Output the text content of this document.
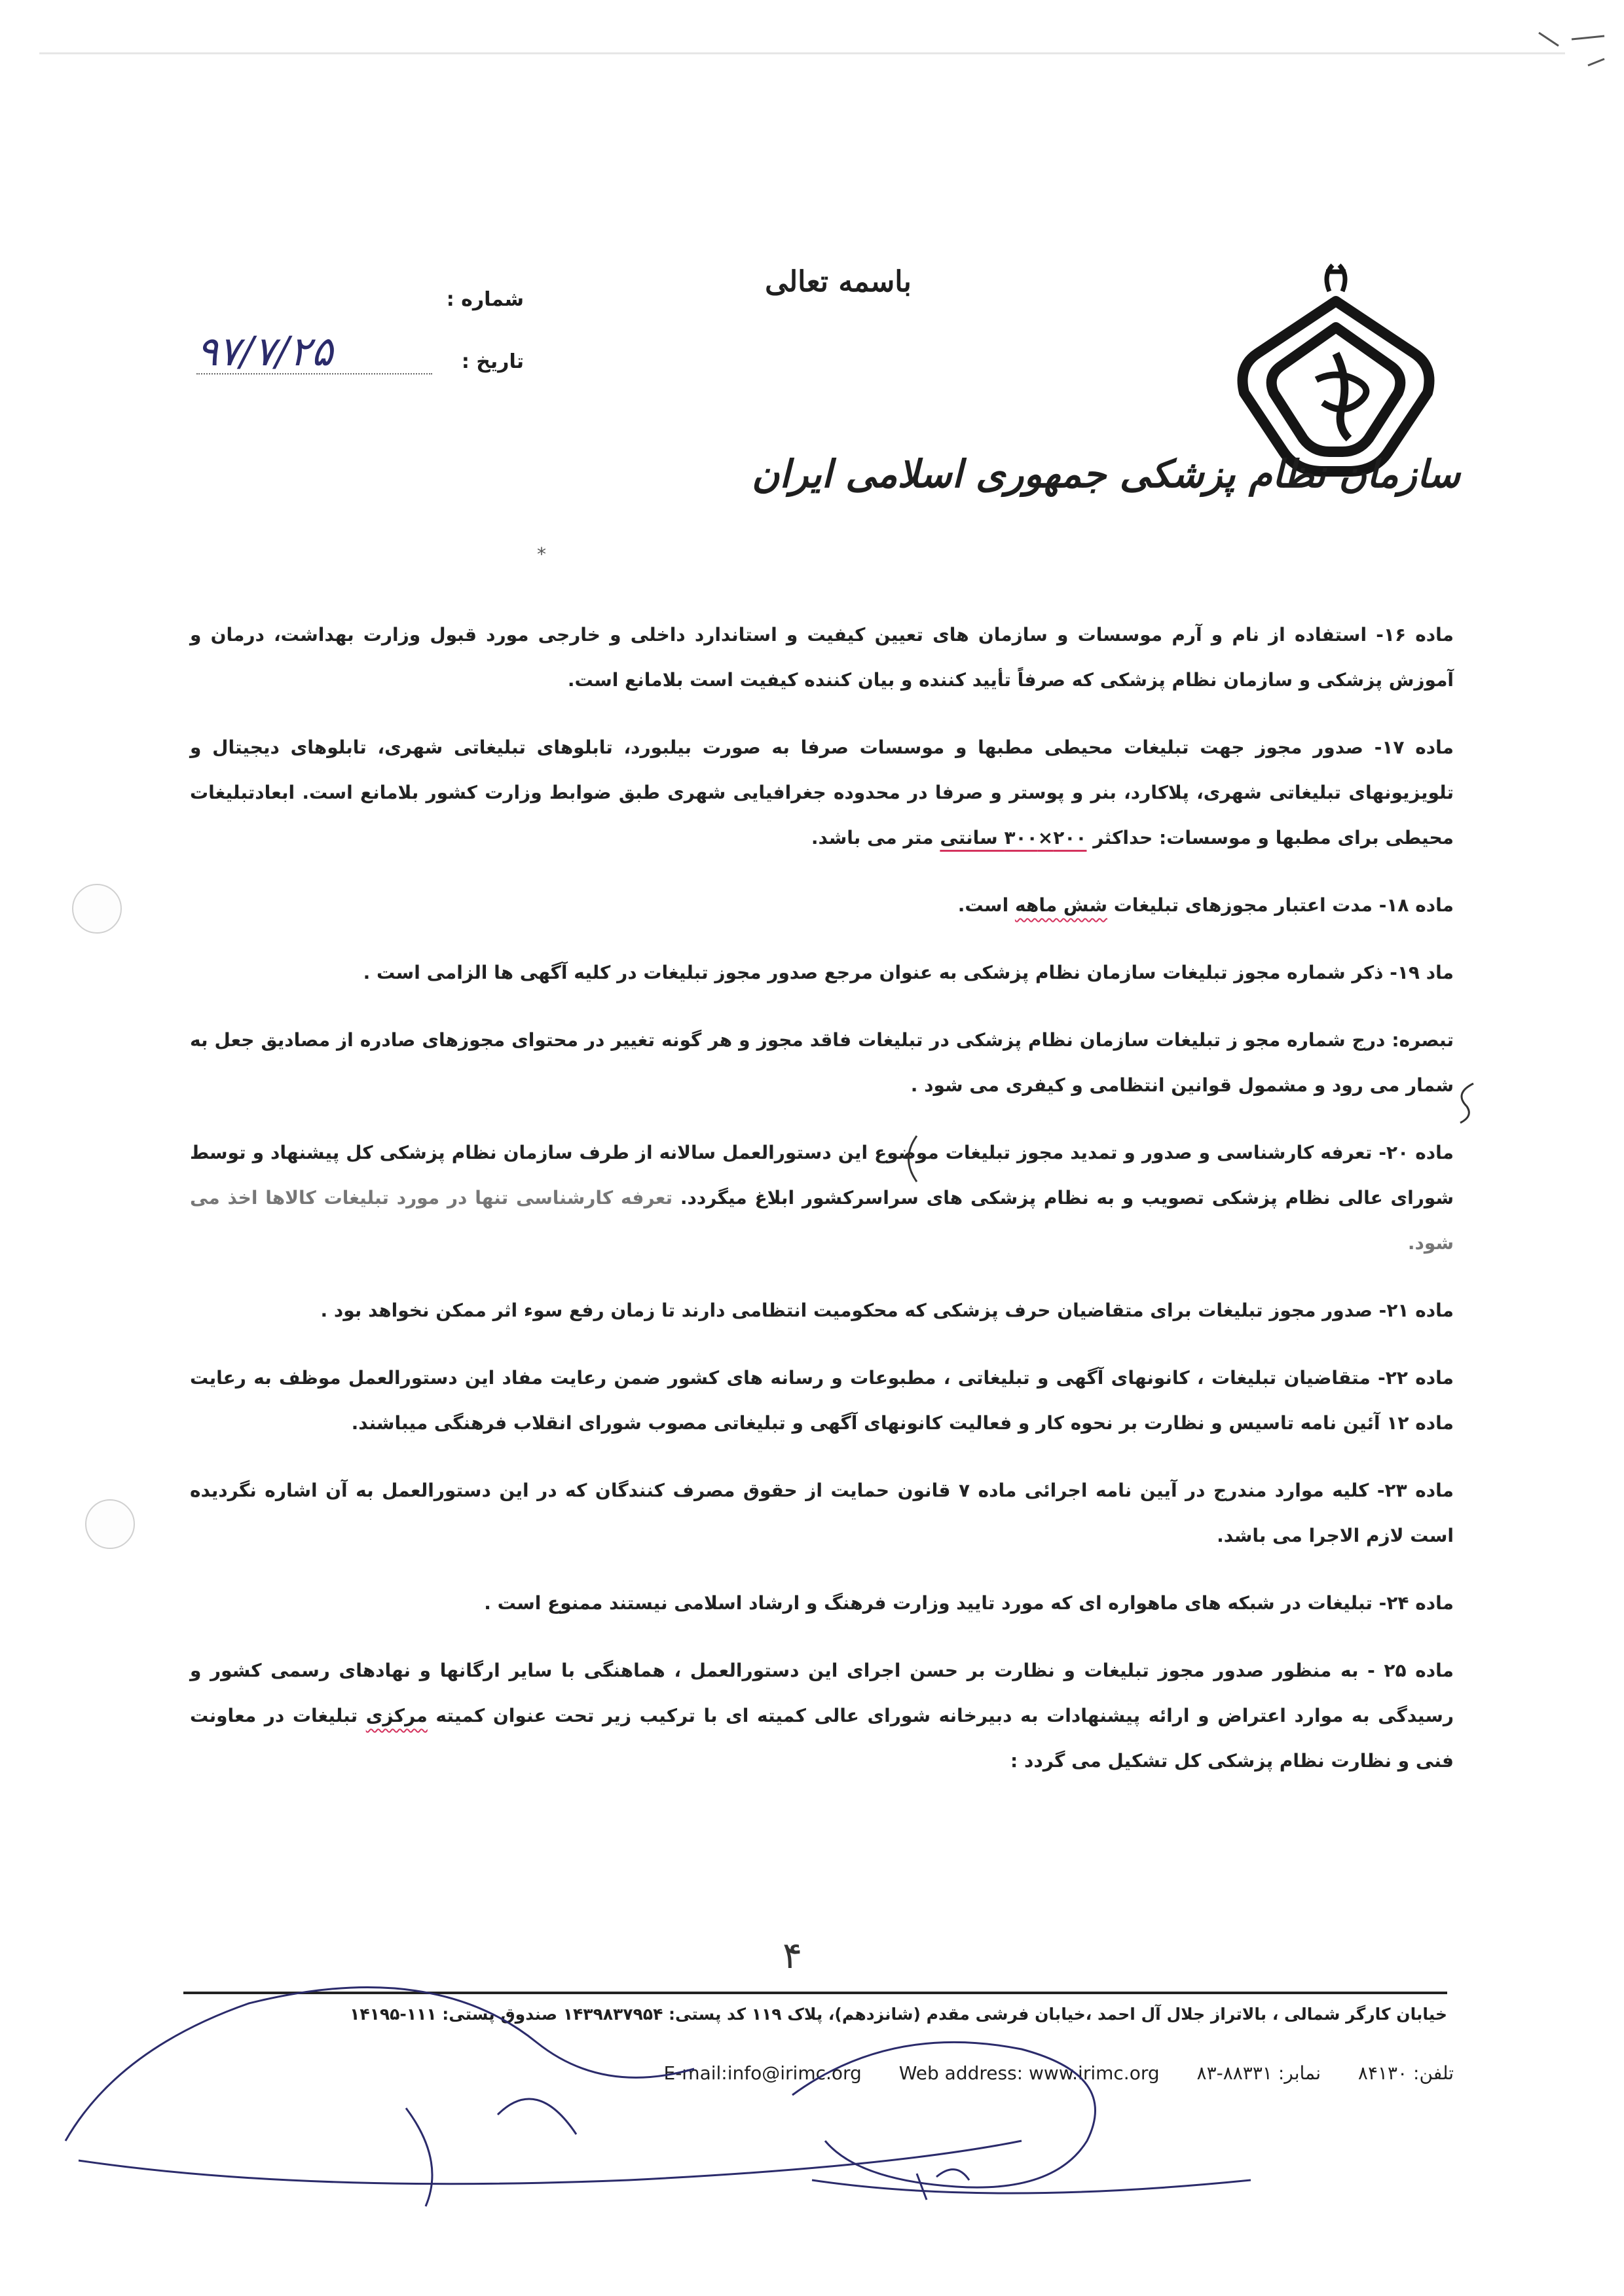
سازمان نظام پزشکی جمهوری اسلامی ایران
باسمه تعالی
شماره :
تاریخ :
۹۷/۷/۲۵
*

ماده ۱۶- استفاده از نام و آرم موسسات و سازمان های تعیین کیفیت و استاندارد داخلی و خارجی مورد قبول وزارت بهداشت، درمان و آموزش پزشکی و سازمان نظام پزشکی که صرفاً تأیید کننده و بیان کننده کیفیت است بلامانع است.

ماده ۱۷- صدور مجوز جهت تبلیغات محیطی مطبها و موسسات صرفا به صورت بیلبورد، تابلوهای تبلیغاتی شهری، تابلوهای دیجیتال و تلویزیونهای تبلیغاتی شهری، پلاکارد، بنر و پوستر و صرفا در محدوده جغرافیایی شهری طبق ضوابط وزارت کشور بلامانع است. ابعادتبلیغات محیطی برای مطبها و موسسات: حداکثر ۲۰۰×۳۰۰ سانتی متر می باشد.

ماده ۱۸- مدت اعتبار مجوزهای تبلیغات شش ماهه است.

ماد ۱۹- ذکر شماره مجوز تبلیغات سازمان نظام پزشکی به عنوان مرجع صدور مجوز تبلیغات در کلیه آگهی ها الزامی است .

تبصره: درج شماره مجو ز تبلیغات سازمان نظام پزشکی در تبلیغات فاقد مجوز و هر گونه تغییر در محتوای مجوزهای صادره از مصادیق جعل به شمار می رود و مشمول قوانین انتظامی و کیفری می شود .

ماده ۲۰- تعرفه کارشناسی و صدور و تمدید مجوز تبلیغات موضوع این دستورالعمل سالانه از طرف سازمان نظام پزشکی کل پیشنهاد و توسط شورای عالی نظام پزشکی تصویب و به نظام پزشکی های سراسرکشور ابلاغ میگردد. تعرفه کارشناسی تنها در مورد تبلیغات کالاها اخذ می شود.

ماده ۲۱- صدور مجوز تبلیغات برای متقاضیان حرف پزشکی که محکومیت انتظامی دارند تا زمان رفع سوء اثر ممکن نخواهد بود .

ماده ۲۲- متقاضیان تبلیغات ، کانونهای آگهی و تبلیغاتی ، مطبوعات و رسانه های کشور ضمن رعایت مفاد این دستورالعمل موظف به رعایت ماده ۱۲ آئین نامه تاسیس و نظارت بر نحوه کار و فعالیت کانونهای آگهی و تبلیغاتی مصوب شورای انقلاب فرهنگی میباشند.

ماده ۲۳- کلیه موارد مندرج در آیین نامه اجرائی ماده ۷ قانون حمایت از حقوق مصرف کنندگان که در این دستورالعمل به آن اشاره نگردیده است لازم الاجرا می باشد.

ماده ۲۴- تبلیغات در شبکه های ماهواره ای که مورد تایید وزارت فرهنگ و ارشاد اسلامی نیستند ممنوع است .

ماده ۲۵ - به منظور صدور مجوز تبلیغات و نظارت بر حسن اجرای این دستورالعمل ، هماهنگی با سایر ارگانها و نهادهای رسمی کشور و رسیدگی به موارد اعتراض و ارائه پیشنهادات به دبیرخانه شورای عالی کمیته ای با ترکیب زیر تحت عنوان کمیته مرکزی تبلیغات در معاونت فنی و نظارت نظام پزشکی کل تشکیل می گردد :

۴
خیابان کارگر شمالی ، بالاتراز جلال آل احمد ،خیابان فرشی مقدم (شانزدهم)، پلاک ۱۱۹ کد پستی: ۱۴۳۹۸۳۷۹۵۴ صندوق پستی: ۱۱۱-۱۴۱۹۵
تلفن: ۸۴۱۳۰ نمابر: ۸۸۳۳۱-۸۳ Web address: www.irimc.org E-mail:info@irimc.org
